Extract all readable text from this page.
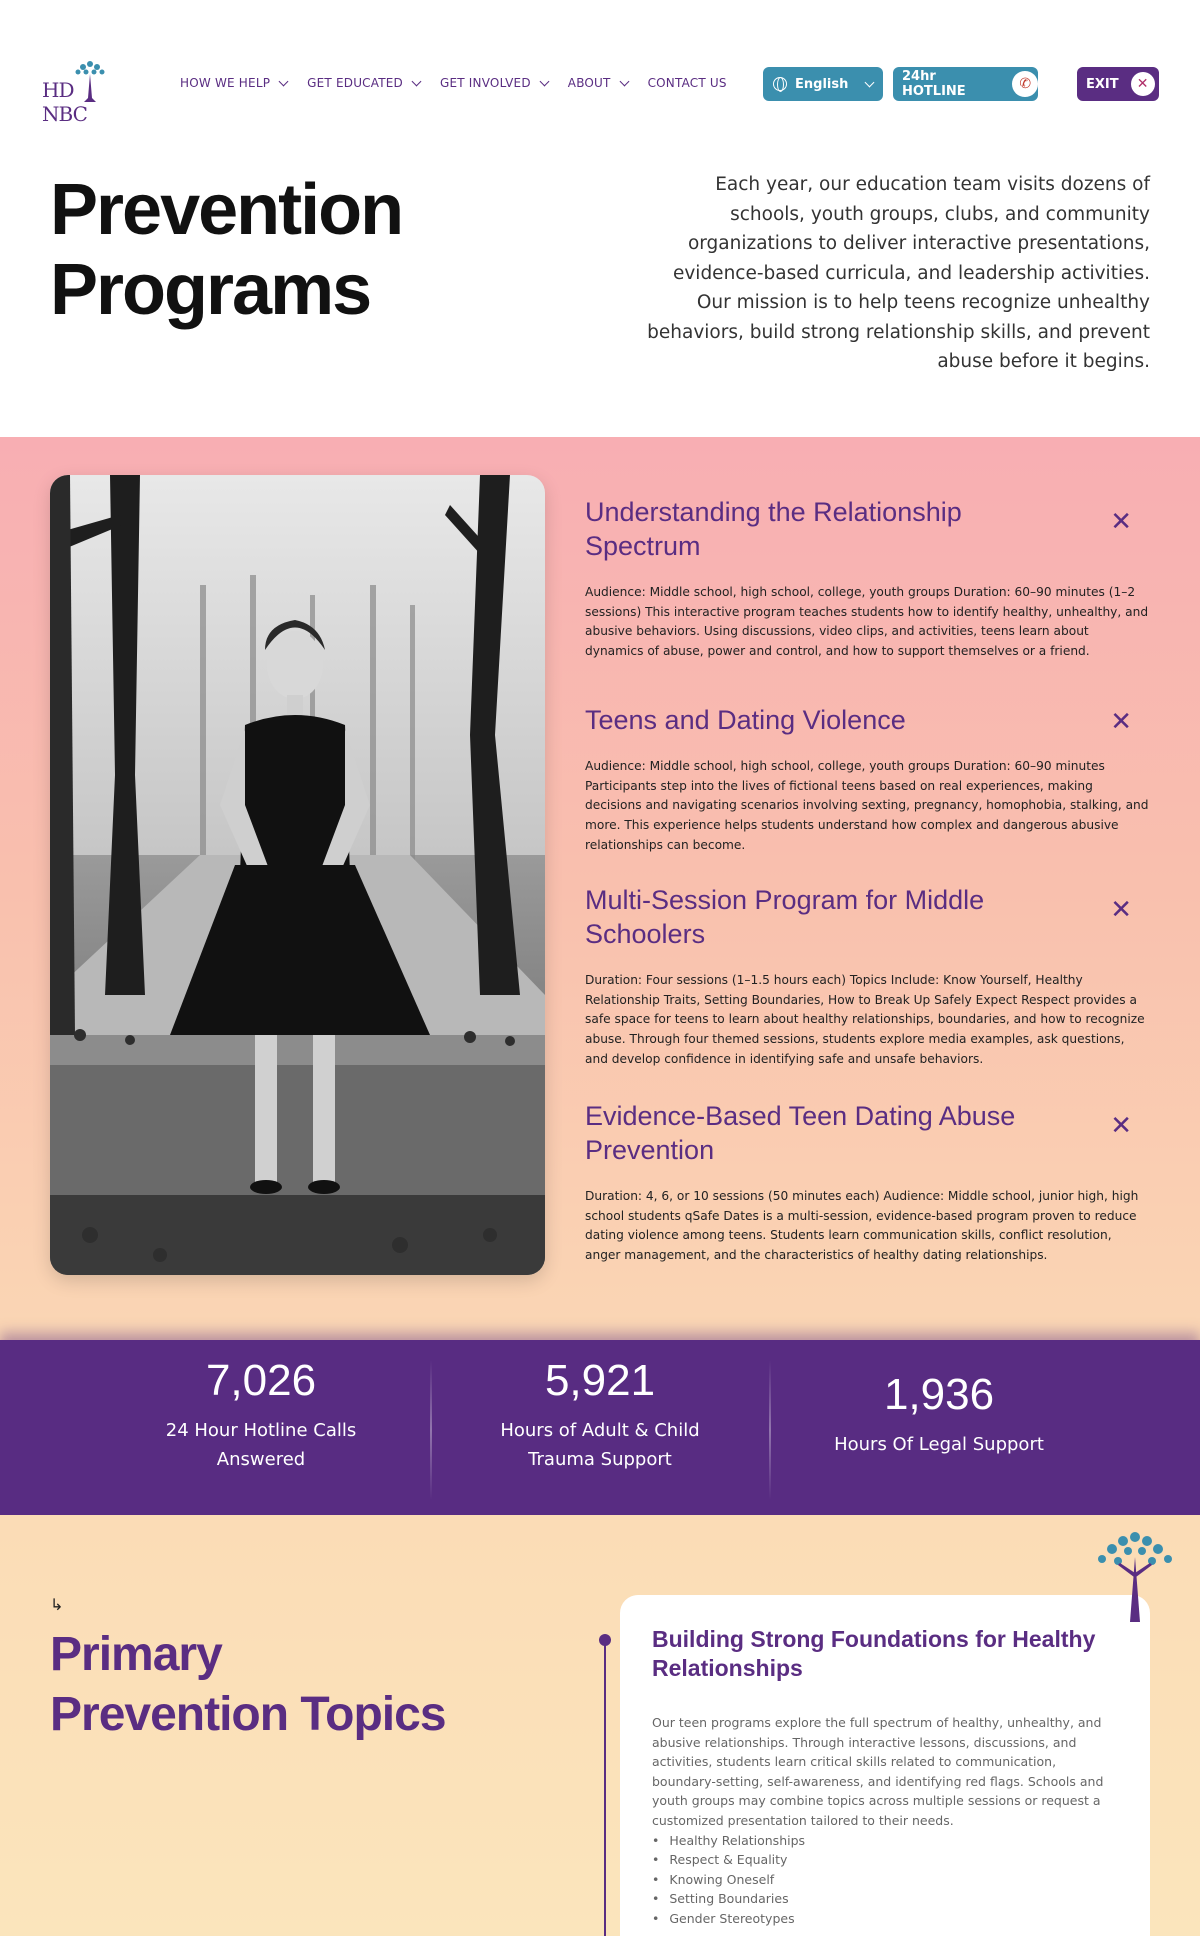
HDNBC
HOW WE HELP	GET EDUCATED	GET INVOLVED	ABOUT	CONTACT US	English	24hr HOTLINE	✆	EXIT	✕
Prevention
Programs

Each year, our education team visits dozens of schools, youth groups, clubs, and community organizations to deliver interactive presentations, evidence-based curricula, and leadership activities. Our mission is to help teens recognize unhealthy behaviors, build strong relationship skills, and prevent abuse before it begins.

Understanding the Relationship Spectrum
✕
Audience: Middle school, high school, college, youth groups Duration: 60–90 minutes (1–2 sessions) This interactive program teaches students how to identify healthy, unhealthy, and abusive behaviors. Using discussions, video clips, and activities, teens learn about dynamics of abuse, power and control, and how to support themselves or a friend.
Teens and Dating Violence	✕
Audience: Middle school, high school, college, youth groups Duration: 60–90 minutes Participants step into the lives of fictional teens based on real experiences, making decisions and navigating scenarios involving sexting, pregnancy, homophobia, stalking, and more. This experience helps students understand how complex and dangerous abusive relationships can become.
Multi-Session Program for Middle Schoolers
✕
Duration: Four sessions (1–1.5 hours each) Topics Include: Know Yourself, Healthy Relationship Traits, Setting Boundaries, How to Break Up Safely Expect Respect provides a safe space for teens to learn about healthy relationships, boundaries, and how to recognize abuse. Through four themed sessions, students explore media examples, ask questions, and develop confidence in identifying safe and unsafe behaviors.
Evidence-Based Teen Dating Abuse Prevention
✕
Duration: 4, 6, or 10 sessions (50 minutes each) Audience: Middle school, junior high, high school students qSafe Dates is a multi-session, evidence-based program proven to reduce dating violence among teens. Students learn communication skills, conflict resolution, anger management, and the characteristics of healthy dating relationships.
7,026
24 Hour Hotline Calls
Answered
5,921
Hours of Adult & Child
Trauma Support
1,936
Hours Of Legal Support
↳
Primary
Prevention Topics
Building Strong Foundations for Healthy Relationships

Our teen programs explore the full spectrum of healthy, unhealthy, and abusive relationships. Through interactive lessons, discussions, and activities, students learn critical skills related to communication, boundary-setting, self-awareness, and identifying red flags. Schools and youth groups may combine topics across multiple sessions or request a customized presentation tailored to their needs.

• Healthy Relationships
• Respect & Equality
• Knowing Oneself
• Setting Boundaries
• Gender Stereotypes
